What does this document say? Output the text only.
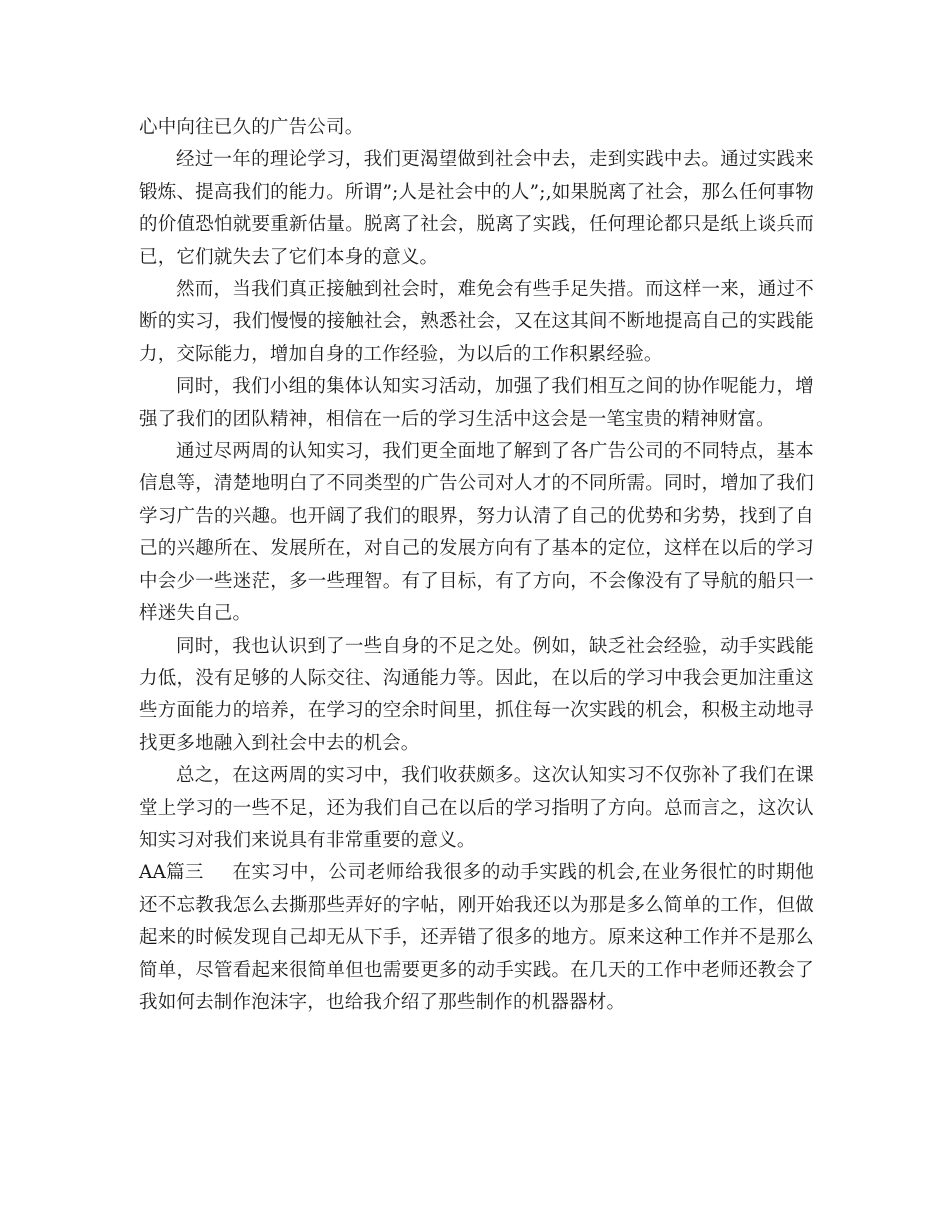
心中向往已久的广告公司。

经过一年的理论学习，我们更渴望做到社会中去，走到实践中去。通过实践来锻炼、提高我们的能力。所谓”;人是社会中的人”;,如果脱离了社会，那么任何事物的价值恐怕就要重新估量。脱离了社会，脱离了实践，任何理论都只是纸上谈兵而已，它们就失去了它们本身的意义。

然而，当我们真正接触到社会时，难免会有些手足失措。而这样一来，通过不断的实习，我们慢慢的接触社会，熟悉社会，又在这其间不断地提高自己的实践能力，交际能力，增加自身的工作经验，为以后的工作积累经验。

同时，我们小组的集体认知实习活动，加强了我们相互之间的协作呢能力，增强了我们的团队精神，相信在一后的学习生活中这会是一笔宝贵的精神财富。

通过尽两周的认知实习，我们更全面地了解到了各广告公司的不同特点，基本信息等，清楚地明白了不同类型的广告公司对人才的不同所需。同时，增加了我们学习广告的兴趣。也开阔了我们的眼界，努力认清了自己的优势和劣势，找到了自己的兴趣所在、发展所在，对自己的发展方向有了基本的定位，这样在以后的学习中会少一些迷茫，多一些理智。有了目标，有了方向，不会像没有了导航的船只一样迷失自己。

同时，我也认识到了一些自身的不足之处。例如，缺乏社会经验，动手实践能力低，没有足够的人际交往、沟通能力等。因此，在以后的学习中我会更加注重这些方面能力的培养，在学习的空余时间里，抓住每一次实践的机会，积极主动地寻找更多地融入到社会中去的机会。

总之，在这两周的实习中，我们收获颇多。这次认知实习不仅弥补了我们在课堂上学习的一些不足，还为我们自己在以后的学习指明了方向。总而言之，这次认知实习对我们来说具有非常重要的意义。

AA篇三 在实习中，公司老师给我很多的动手实践的机会,在业务很忙的时期他还不忘教我怎么去撕那些弄好的字帖，刚开始我还以为那是多么简单的工作，但做起来的时候发现自己却无从下手，还弄错了很多的地方。原来这种工作并不是那么简单，尽管看起来很简单但也需要更多的动手实践。在几天的工作中老师还教会了我如何去制作泡沫字，也给我介绍了那些制作的机器器材。
